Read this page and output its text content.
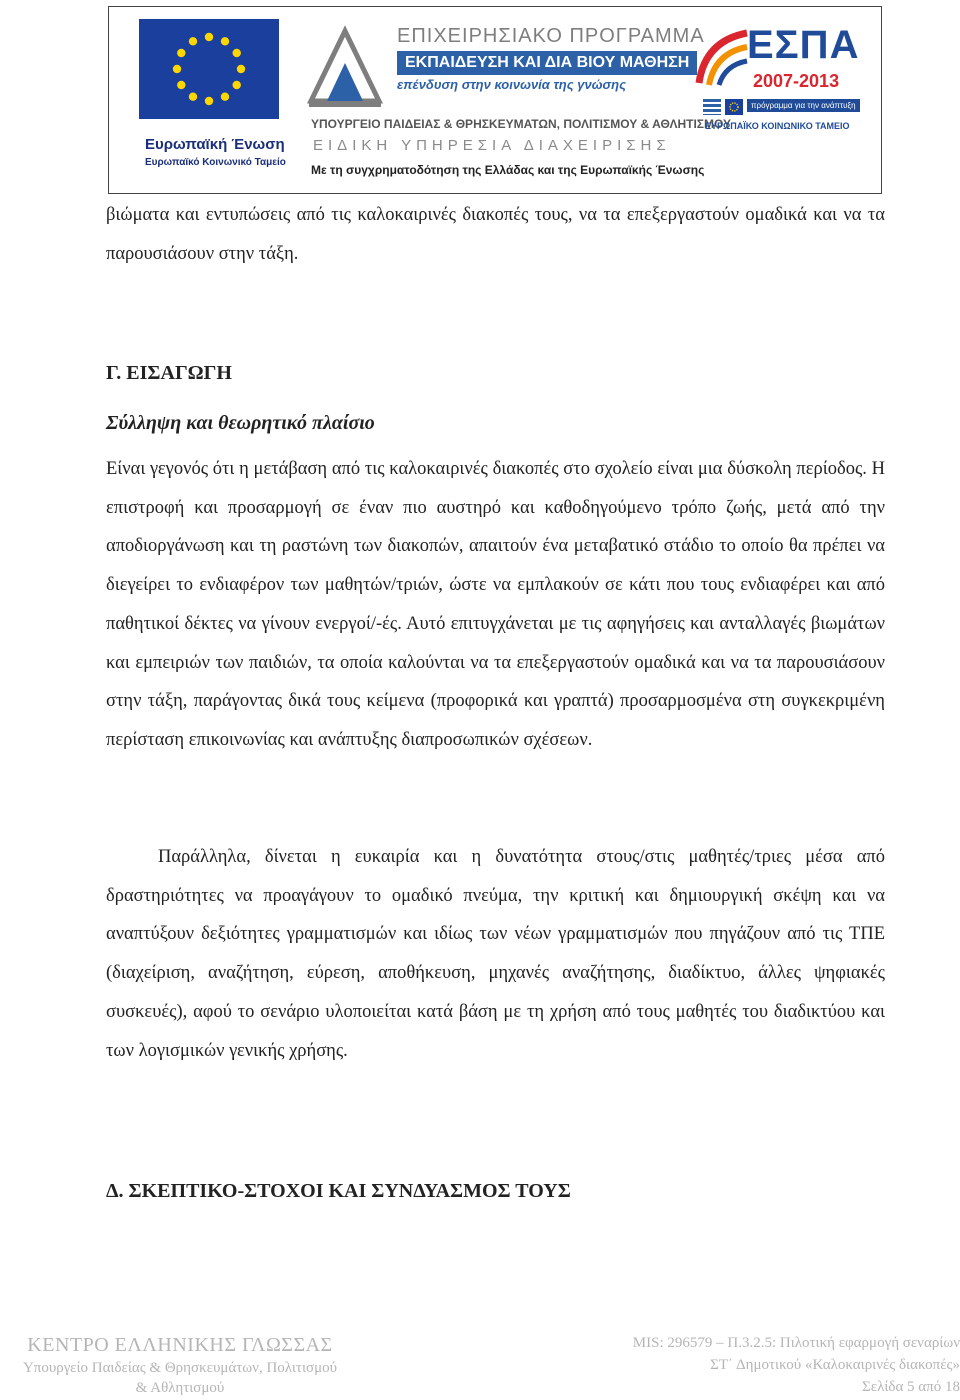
Ευρωπαϊκή Ένωση
Ευρωπαϊκό Κοινωνικό Ταμείο
ΕΠΙΧΕΙΡΗΣΙΑΚΟ ΠΡΟΓΡΑΜΜΑ
ΕΚΠΑΙΔΕΥΣΗ ΚΑΙ ΔΙΑ ΒΙΟΥ ΜΑΘΗΣΗ
επένδυση στην κοινωνία της γνώσης
ΥΠΟΥΡΓΕΙΟ ΠΑΙΔΕΙΑΣ & ΘΡΗΣΚΕΥΜΑΤΩΝ, ΠΟΛΙΤΙΣΜΟΥ & ΑΘΛΗΤΙΣΜΟΥ
ΕΙΔΙΚΗ ΥΠΗΡΕΣΙΑ ΔΙΑΧΕΙΡΙΣΗΣ
Με τη συγχρηματοδότηση της Ελλάδας και της Ευρωπαϊκής Ένωσης
ΕΣΠΑ
2007-2013
πρόγραμμα για την ανάπτυξη
ΕΥΡΩΠΑΪΚΟ ΚΟΙΝΩΝΙΚΟ ΤΑΜΕΙΟ

βιώματα και εντυπώσεις από τις καλοκαιρινές διακοπές τους, να τα επεξεργαστούν ομαδικά και να τα παρουσιάσουν στην τάξη.

Γ. ΕΙΣΑΓΩΓΗ
Σύλληψη και θεωρητικό πλαίσιο

Είναι γεγονός ότι η μετάβαση από τις καλοκαιρινές διακοπές στο σχολείο είναι μια δύσκολη περίοδος. Η επιστροφή και προσαρμογή σε έναν πιο αυστηρό και καθοδηγούμενο τρόπο ζωής, μετά από την αποδιοργάνωση και τη ραστώνη των διακοπών, απαιτούν ένα μεταβατικό στάδιο το οποίο θα πρέπει να διεγείρει το ενδιαφέρον των μαθητών/τριών, ώστε να εμπλακούν σε κάτι που τους ενδιαφέρει και από παθητικοί δέκτες να γίνουν ενεργοί/-ές. Αυτό επιτυγχάνεται με τις αφηγήσεις και ανταλλαγές βιωμάτων και εμπειριών των παιδιών, τα οποία καλούνται να τα επεξεργαστούν ομαδικά και να τα παρουσιάσουν στην τάξη, παράγοντας δικά τους κείμενα (προφορικά και γραπτά) προσαρμοσμένα στη συγκεκριμένη περίσταση επικοινωνίας και ανάπτυξης διαπροσωπικών σχέσεων.

Παράλληλα, δίνεται η ευκαιρία και η δυνατότητα στους/στις μαθητές/τριες μέσα από δραστηριότητες να προαγάγουν το ομαδικό πνεύμα, την κριτική και δημιουργική σκέψη και να αναπτύξουν δεξιότητες γραμματισμών και ιδίως των νέων γραμματισμών που πηγάζουν από τις ΤΠΕ (διαχείριση, αναζήτηση, εύρεση, αποθήκευση, μηχανές αναζήτησης, διαδίκτυο, άλλες ψηφιακές συσκευές), αφού το σενάριο υλοποιείται κατά βάση με τη χρήση από τους μαθητές του διαδικτύου και των λογισμικών γενικής χρήσης.

Δ. ΣΚΕΠΤΙΚΟ-ΣΤΟΧΟΙ ΚΑΙ ΣΥΝΔΥΑΣΜΟΣ ΤΟΥΣ
ΚΕΝΤΡΟ ΕΛΛΗΝΙΚΗΣ ΓΛΩΣΣΑΣ
Υπουργείο Παιδείας & Θρησκευμάτων, Πολιτισμού
& Αθλητισμού
MIS: 296579 – Π.3.2.5: Πιλοτική εφαρμογή σεναρίων
ΣΤ΄ Δημοτικού «Καλοκαιρινές διακοπές»
Σελίδα 5 από 18
